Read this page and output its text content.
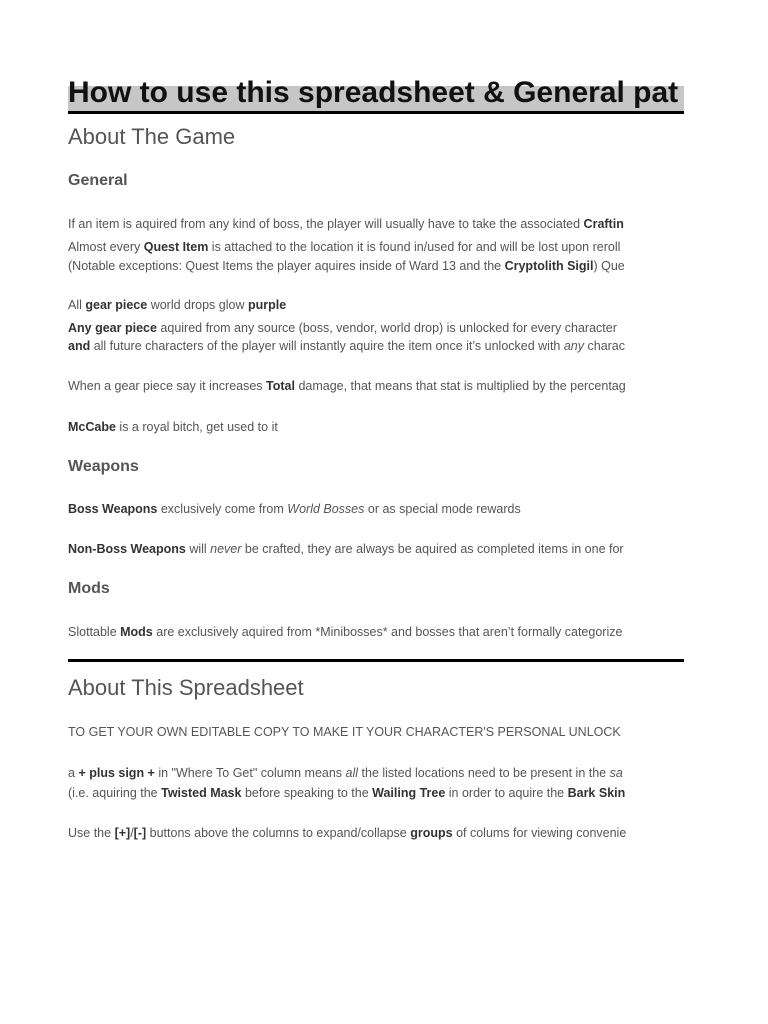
How to use this spreadsheet & General pat
About The Game
General
If an item is aquired from any kind of boss, the player will usually have to take the associated Craftin
Almost every Quest Item is attached to the location it is found in/used for and will be lost upon reroll
(Notable exceptions: Quest Items the player aquires inside of Ward 13 and the Cryptolith Sigil) Que
All gear piece world drops glow purple
Any gear piece aquired from any source (boss, vendor, world drop) is unlocked for every character
and all future characters of the player will instantly aquire the item once it’s unlocked with any charac
When a gear piece say it increases Total damage, that means that stat is multiplied by the percentag
McCabe is a royal bitch, get used to it
Weapons
Boss Weapons exclusively come from World Bosses or as special mode rewards
Non-Boss Weapons will never be crafted, they are always be aquired as completed items in one for
Mods
Slottable Mods are exclusively aquired from *Minibosses* and bosses that aren’t formally categorize
About This Spreadsheet
TO GET YOUR OWN EDITABLE COPY TO MAKE IT YOUR CHARACTER'S PERSONAL UNLOCK
a + plus sign + in "Where To Get" column means all the listed locations need to be present in the sa
(i.e. aquiring the Twisted Mask before speaking to the Wailing Tree in order to aquire the Bark Skin
Use the [+]/[-] buttons above the columns to expand/collapse groups of colums for viewing convenie
